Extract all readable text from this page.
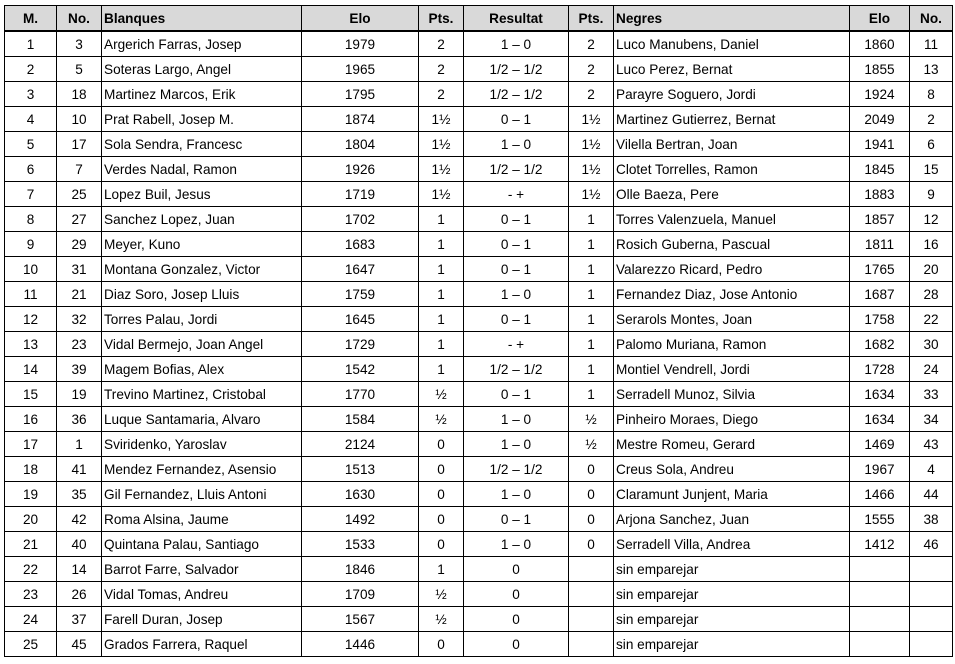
M.	No.	Blanques	Elo	Pts.	Resultat	Pts.	Negres	Elo	No.
1	3	Argerich Farras, Josep	1979	2	1 – 0	2	Luco Manubens, Daniel	1860	11
2	5	Soteras Largo, Angel	1965	2	1/2 – 1/2	2	Luco Perez, Bernat	1855	13
3	18	Martinez Marcos, Erik	1795	2	1/2 – 1/2	2	Parayre Soguero, Jordi	1924	8
4	10	Prat Rabell, Josep M.	1874	1½	0 – 1	1½	Martinez Gutierrez, Bernat	2049	2
5	17	Sola Sendra, Francesc	1804	1½	1 – 0	1½	Vilella Bertran, Joan	1941	6
6	7	Verdes Nadal, Ramon	1926	1½	1/2 – 1/2	1½	Clotet Torrelles, Ramon	1845	15
7	25	Lopez Buil, Jesus	1719	1½	- +	1½	Olle Baeza, Pere	1883	9
8	27	Sanchez Lopez, Juan	1702	1	0 – 1	1	Torres Valenzuela, Manuel	1857	12
9	29	Meyer, Kuno	1683	1	0 – 1	1	Rosich Guberna, Pascual	1811	16
10	31	Montana Gonzalez, Victor	1647	1	0 – 1	1	Valarezzo Ricard, Pedro	1765	20
11	21	Diaz Soro, Josep Lluis	1759	1	1 – 0	1	Fernandez Diaz, Jose Antonio	1687	28
12	32	Torres Palau, Jordi	1645	1	0 – 1	1	Serarols Montes, Joan	1758	22
13	23	Vidal Bermejo, Joan Angel	1729	1	- +	1	Palomo Muriana, Ramon	1682	30
14	39	Magem Bofias, Alex	1542	1	1/2 – 1/2	1	Montiel Vendrell, Jordi	1728	24
15	19	Trevino Martinez, Cristobal	1770	½	0 – 1	1	Serradell Munoz, Silvia	1634	33
16	36	Luque Santamaria, Alvaro	1584	½	1 – 0	½	Pinheiro Moraes, Diego	1634	34
17	1	Sviridenko, Yaroslav	2124	0	1 – 0	½	Mestre Romeu, Gerard	1469	43
18	41	Mendez Fernandez, Asensio	1513	0	1/2 – 1/2	0	Creus Sola, Andreu	1967	4
19	35	Gil Fernandez, Lluis Antoni	1630	0	1 – 0	0	Claramunt Junjent, Maria	1466	44
20	42	Roma Alsina, Jaume	1492	0	0 – 1	0	Arjona Sanchez, Juan	1555	38
21	40	Quintana Palau, Santiago	1533	0	1 – 0	0	Serradell Villa, Andrea	1412	46
22	14	Barrot Farre, Salvador	1846	1	0		sin emparejar		
23	26	Vidal Tomas, Andreu	1709	½	0		sin emparejar		
24	37	Farell Duran, Josep	1567	½	0		sin emparejar		
25	45	Grados Farrera, Raquel	1446	0	0		sin emparejar		
